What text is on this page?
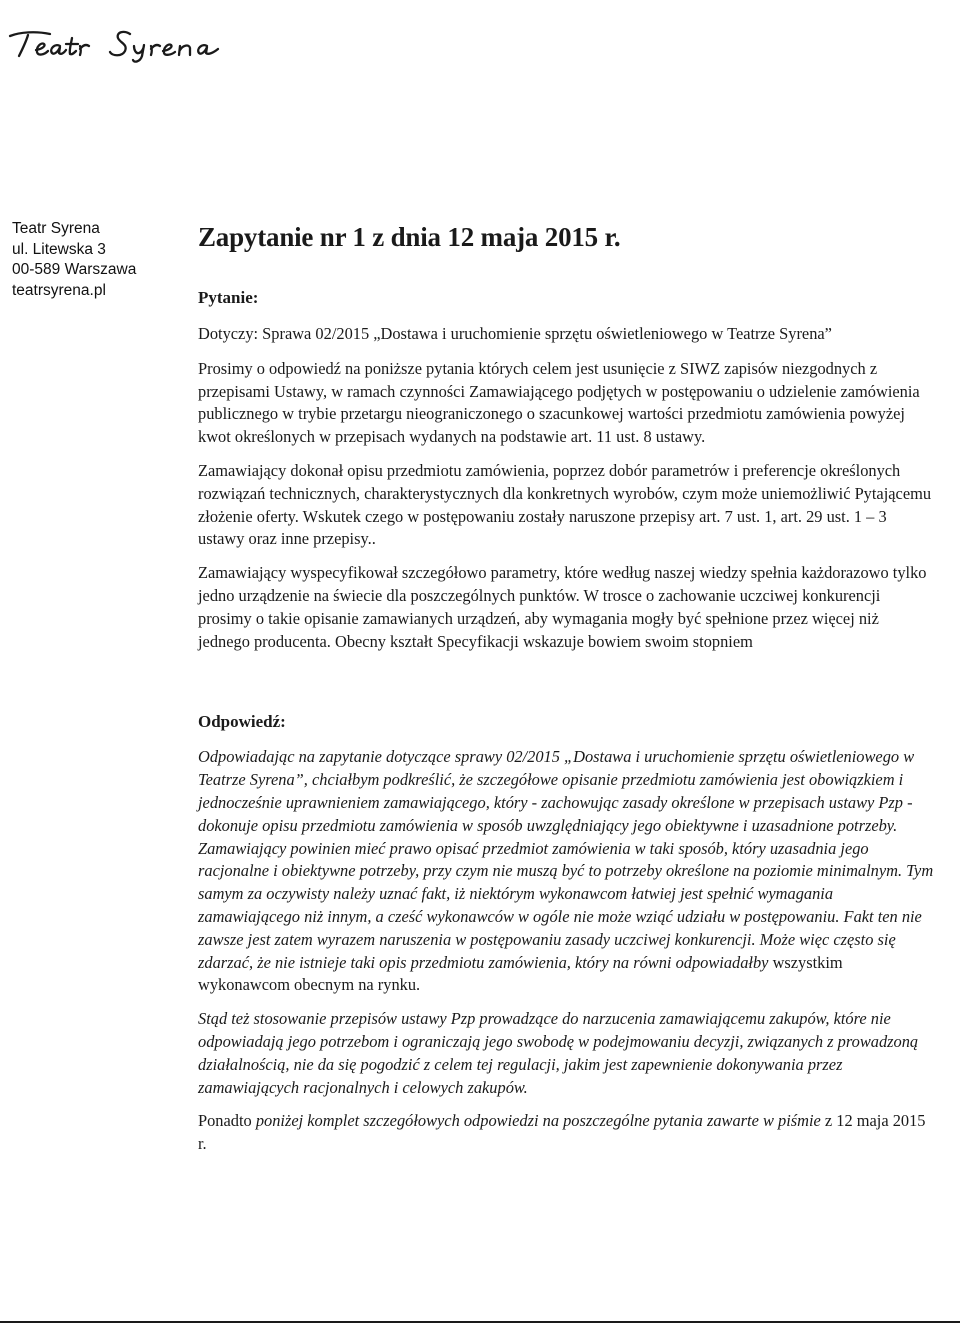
Teatr Syrena
ul. Litewska 3
00-589 Warszawa
teatrsyrena.pl
Zapytanie nr 1 z dnia 12 maja 2015 r.
Pytanie:

Dotyczy: Sprawa 02/2015 „Dostawa i uruchomienie sprzętu oświetleniowego w Teatrze Syrena”

Prosimy o odpowiedź na poniższe pytania których celem jest usunięcie z SIWZ zapisów niezgodnych z przepisami Ustawy, w ramach czynności Zamawiającego podjętych w postępowaniu o udzielenie zamówienia publicznego w trybie przetargu nieograniczonego o szacunkowej wartości przedmiotu zamówienia powyżej kwot określonych w przepisach wydanych na podstawie art. 11 ust. 8 ustawy.

Zamawiający dokonał opisu przedmiotu zamówienia, poprzez dobór parametrów i preferencje określonych rozwiązań technicznych, charakterystycznych dla konkretnych wyrobów, czym może uniemożliwić Pytającemu złożenie oferty. Wskutek czego w postępowaniu zostały naruszone przepisy art. 7 ust. 1, art. 29 ust. 1 – 3 ustawy oraz inne przepisy..

Zamawiający wyspecyfikował szczegółowo parametry, które według naszej wiedzy spełnia każdorazowo tylko jedno urządzenie na świecie dla poszczególnych punktów. W trosce o zachowanie uczciwej konkurencji prosimy o takie opisanie zamawianych urządzeń, aby wymagania mogły być spełnione przez więcej niż jednego producenta. Obecny kształt Specyfikacji wskazuje bowiem swoim stopniem

Odpowiedź:

Odpowiadając na zapytanie dotyczące sprawy 02/2015 „Dostawa i uruchomienie sprzętu oświetleniowego w Teatrze Syrena”, chciałbym podkreślić, że szczegółowe opisanie przedmiotu zamówienia jest obowiązkiem i jednocześnie uprawnieniem zamawiającego, który - zachowując zasady określone w przepisach ustawy Pzp - dokonuje opisu przedmiotu zamówienia w sposób uwzględniający jego obiektywne i uzasadnione potrzeby. Zamawiający powinien mieć prawo opisać przedmiot zamówienia w taki sposób, który uzasadnia jego racjonalne i obiektywne potrzeby, przy czym nie muszą być to potrzeby określone na poziomie minimalnym. Tym samym za oczywisty należy uznać fakt, iż niektórym wykonawcom łatwiej jest spełnić wymagania zamawiającego niż innym, a cześć wykonawców w ogóle nie może wziąć udziału w postępowaniu. Fakt ten nie zawsze jest zatem wyrazem naruszenia w postępowaniu zasady uczciwej konkurencji. Może więc często się zdarzać, że nie istnieje taki opis przedmiotu zamówienia, który na równi odpowiadałby wszystkim wykonawcom obecnym na rynku.

Stąd też stosowanie przepisów ustawy Pzp prowadzące do narzucenia zamawiającemu zakupów, które nie odpowiadają jego potrzebom i ograniczają jego swobodę w podejmowaniu decyzji, związanych z prowadzoną działalnością, nie da się pogodzić z celem tej regulacji, jakim jest zapewnienie dokonywania przez zamawiających racjonalnych i celowych zakupów.

Ponadto poniżej komplet szczegółowych odpowiedzi na poszczególne pytania zawarte w piśmie z 12 maja 2015 r.
